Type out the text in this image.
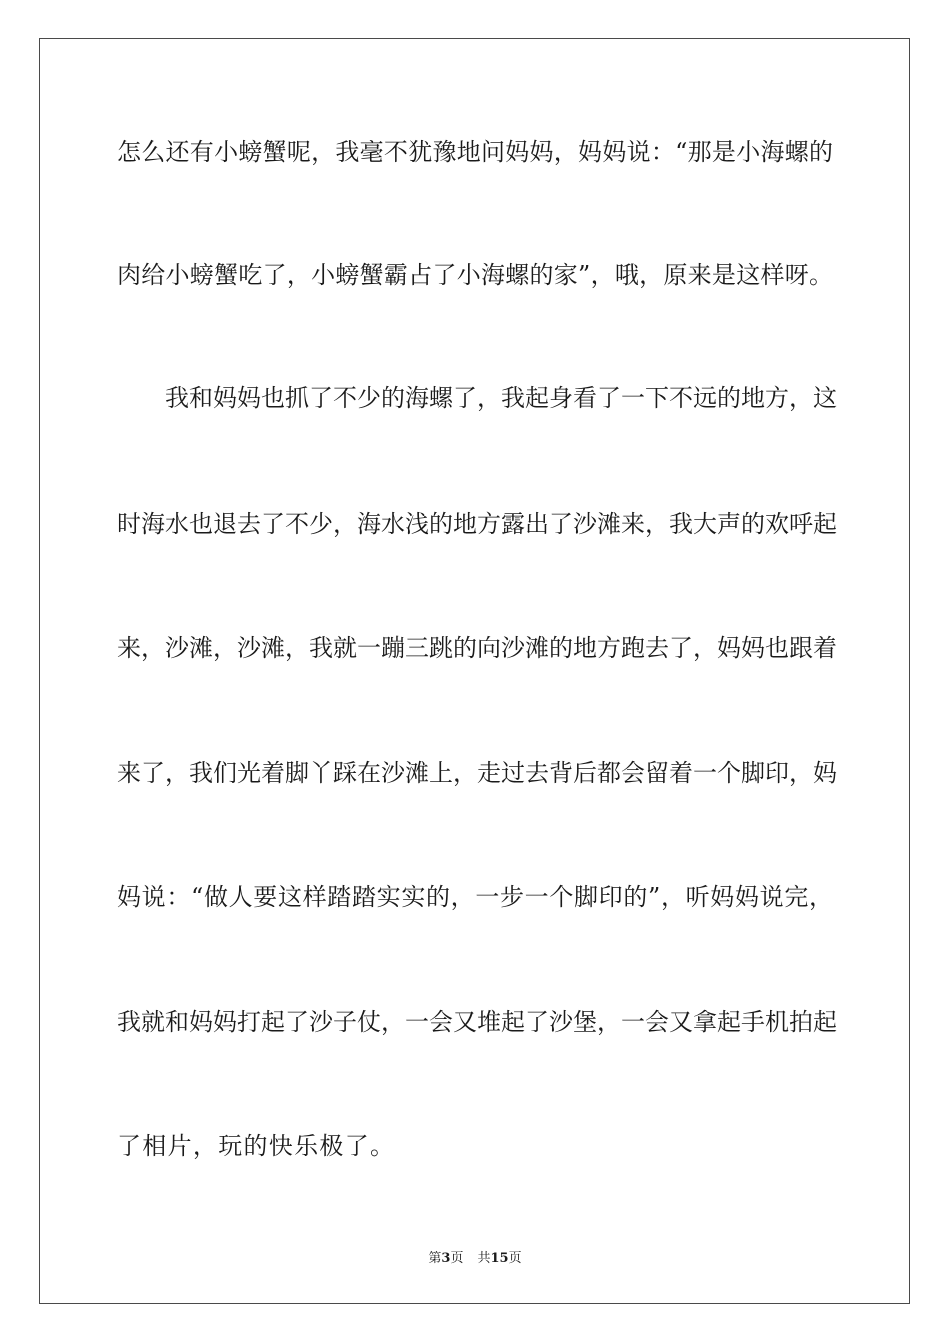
怎么还有小螃蟹呢，我毫不犹豫地问妈妈，妈妈说：“那是小海螺的
肉给小螃蟹吃了，小螃蟹霸占了小海螺的家”，哦，原来是这样呀。
我和妈妈也抓了不少的海螺了，我起身看了一下不远的地方，这
时海水也退去了不少，海水浅的地方露出了沙滩来，我大声的欢呼起
来，沙滩，沙滩，我就一蹦三跳的向沙滩的地方跑去了，妈妈也跟着
来了，我们光着脚丫踩在沙滩上，走过去背后都会留着一个脚印，妈
妈说：“做人要这样踏踏实实的，一步一个脚印的”，听妈妈说完，
我就和妈妈打起了沙子仗，一会又堆起了沙堡，一会又拿起手机拍起
了相片，玩的快乐极了。
第3页 共15页
